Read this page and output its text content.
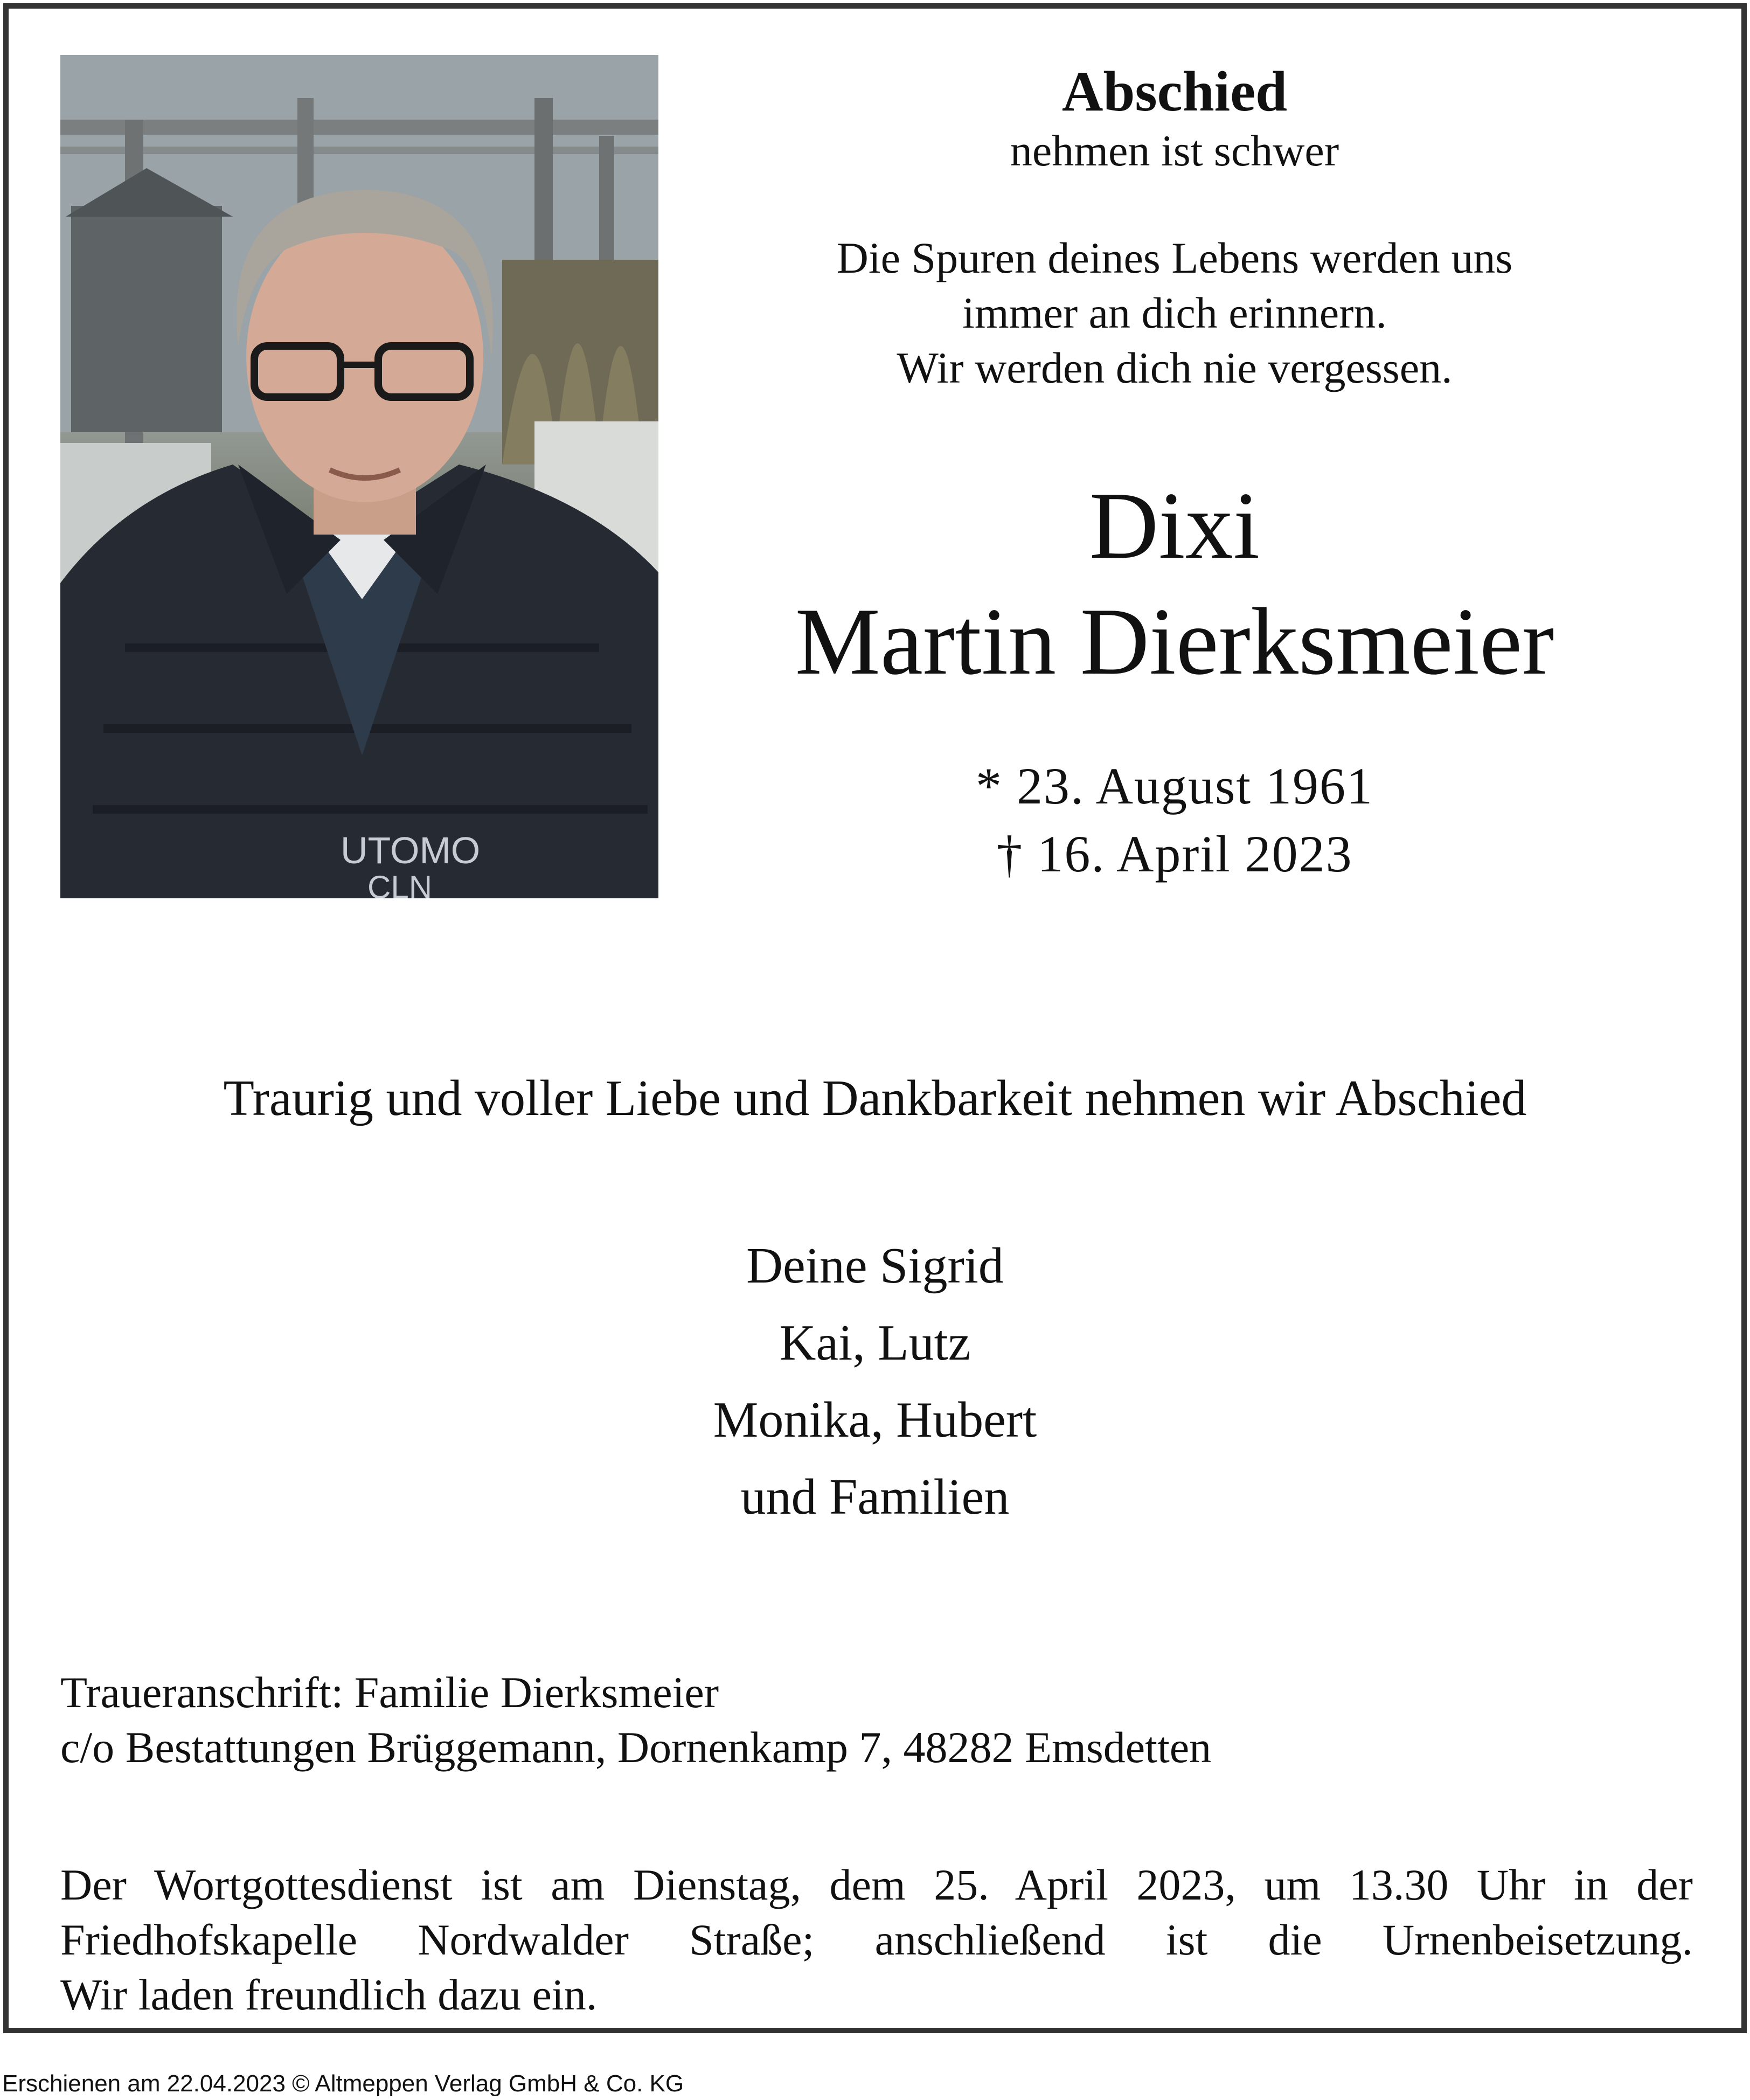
UTOMO
CLN
Abschied
nehmen ist schwer
Die Spuren deines Lebens werden uns
immer an dich erinnern.
Wir werden dich nie vergessen.
Dixi
Martin Dierksmeier
* 23. August 1961
† 16. April 2023
Traurig und voller Liebe und Dankbarkeit nehmen wir Abschied
Deine Sigrid
Kai, Lutz
Monika, Hubert
und Familien
Traueranschrift: Familie Dierksmeier
c/o Bestattungen Brüggemann, Dornenkamp 7, 48282 Emsdetten
Der Wortgottesdienst ist am Dienstag, dem 25. April 2023, um 13.30 Uhr in der
Friedhofskapelle Nordwalder Straße; anschließend ist die Urnenbeisetzung.
Wir laden freundlich dazu ein.
Erschienen am 22.04.2023 © Altmeppen Verlag GmbH & Co. KG
